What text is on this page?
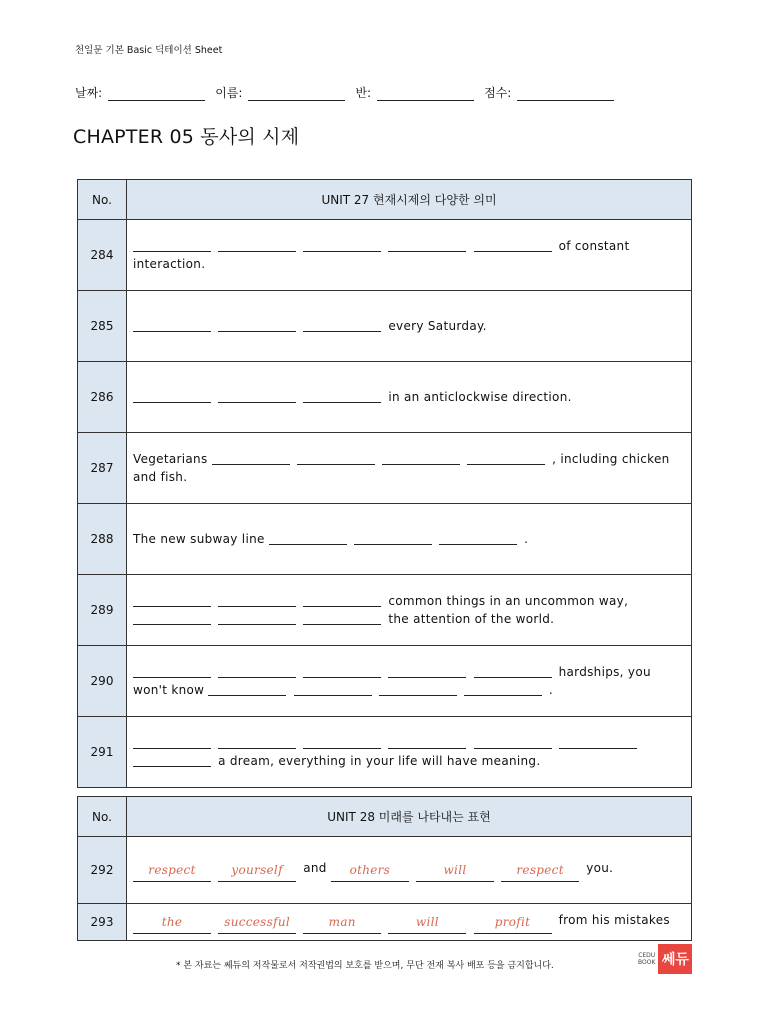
천일문 기본 Basic 딕테이션 Sheet
날짜:	이름:	반:	점수:
CHAPTER 05 동사의 시제
No.	UNIT 27 현재시제의 다양한 의미
284	of constant interaction.
285	every Saturday.
286	in an anticlockwise direction.
287	Vegetarians , including chicken and fish.
288	The new subway line .
289	common things in an uncommon way,    the attention of the world.
290	hardships, you won't know .
291	a dream, everything in your life will have meaning.
No.	UNIT 28 미래를 나타내는 표현
292	respect yourself and others will respect you.
293	the successful man will profit from his mistakes
* 본 자료는 쎄듀의 저작물로서 저작권법의 보호를 받으며, 무단 전재 복사 배포 등을 금지합니다.
CEDU
BOOK 쎄듀
